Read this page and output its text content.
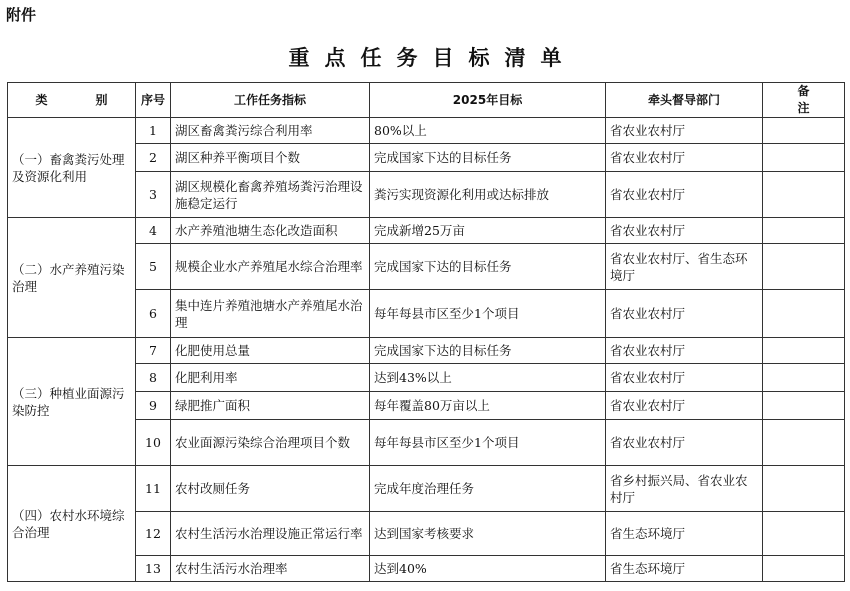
附件
重点任务目标清单
类　别	序号	工作任务指标	2025年目标	牵头督导部门	备　注
（一）畜禽粪污处理及资源化利用	1	湖区畜禽粪污综合利用率	80%以上	省农业农村厅	
	2	湖区种养平衡项目个数	完成国家下达的目标任务	省农业农村厅	
	3	湖区规模化畜禽养殖场粪污治理设施稳定运行	粪污实现资源化利用或达标排放	省农业农村厅	
（二）水产养殖污染治理	4	水产养殖池塘生态化改造面积	完成新增25万亩	省农业农村厅	
	5	规模企业水产养殖尾水综合治理率	完成国家下达的目标任务	省农业农村厅、省生态环境厅	
	6	集中连片养殖池塘水产养殖尾水治理	每年每县市区至少1个项目	省农业农村厅	
（三）种植业面源污染防控	7	化肥使用总量	完成国家下达的目标任务	省农业农村厅	
	8	化肥利用率	达到43%以上	省农业农村厅	
	9	绿肥推广面积	每年覆盖80万亩以上	省农业农村厅	
	10	农业面源污染综合治理项目个数	每年每县市区至少1个项目	省农业农村厅	
（四）农村水环境综合治理	11	农村改厕任务	完成年度治理任务	省乡村振兴局、省农业农村厅	
	12	农村生活污水治理设施正常运行率	达到国家考核要求	省生态环境厅	
	13	农村生活污水治理率	达到40%	省生态环境厅	
